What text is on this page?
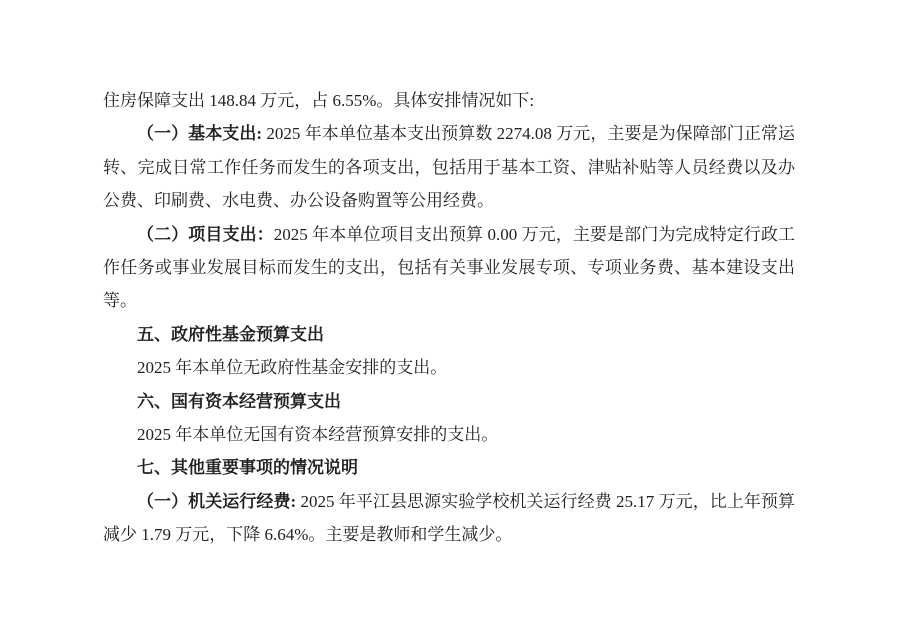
住房保障支出 148.84 万元，占 6.55%。具体安排情况如下:

（一）基本支出: 2025 年本单位基本支出预算数 2274.08 万元，主要是为保障部门正常运转、完成日常工作任务而发生的各项支出，包括用于基本工资、津贴补贴等人员经费以及办公费、印刷费、水电费、办公设备购置等公用经费。

（二）项目支出：2025 年本单位项目支出预算 0.00 万元，主要是部门为完成特定行政工作任务或事业发展目标而发生的支出，包括有关事业发展专项、专项业务费、基本建设支出等。

五、政府性基金预算支出

2025 年本单位无政府性基金安排的支出。

六、国有资本经营预算支出

2025 年本单位无国有资本经营预算安排的支出。

七、其他重要事项的情况说明

（一）机关运行经费: 2025 年平江县思源实验学校机关运行经费 25.17 万元，比上年预算减少 1.79 万元，下降 6.64%。主要是教师和学生减少。
